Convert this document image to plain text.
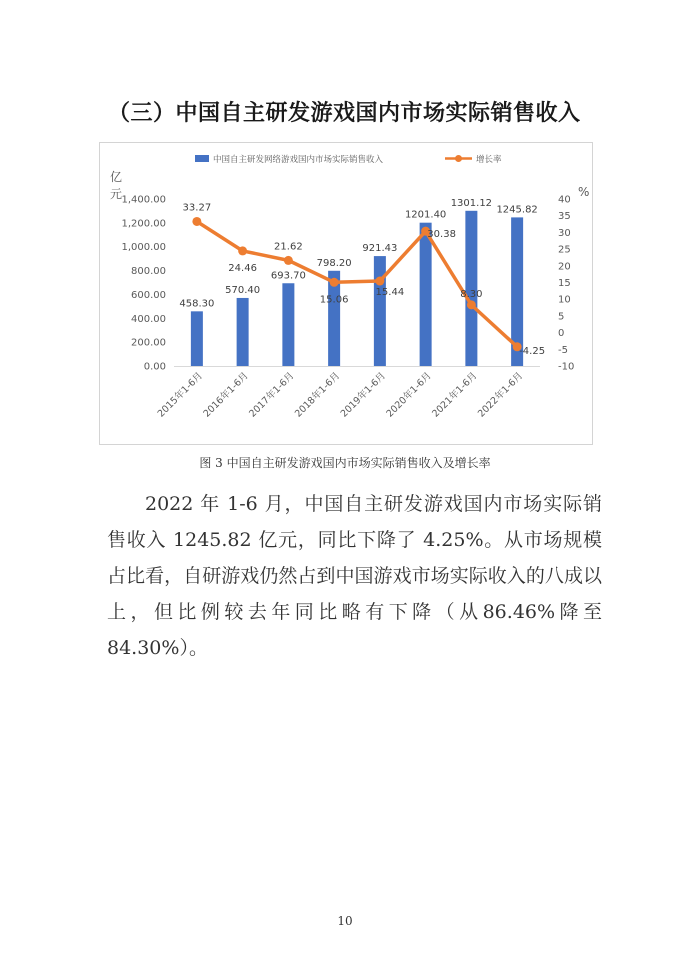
（三）中国自主研发游戏国内市场实际销售收入
中国自主研发网络游戏国内市场实际销售收入	增长率
亿
元	%
0.00
200.00
400.00
600.00
800.00
1,000.00
1,200.00
1,400.00
-10
-5
0
5
10
15
20
25
30
35
40
458.30
570.40
693.70
798.20
921.43
1201.40
1301.12
1245.82
33.27
24.46
21.62
15.06
15.44
30.38
8.30
-4.25
2015年1-6月
2016年1-6月
2017年1-6月
2018年1-6月
2019年1-6月
2020年1-6月
2021年1-6月
2022年1-6月
图 3 中国自主研发游戏国内市场实际销售收入及增长率

2022 年 1-6 月，中国自主研发游戏国内市场实际销售收入 1245.82 亿元，同比下降了 4.25%。从市场规模占比看，自研游戏仍然占到中国游戏市场实际收入的八成以上，但比例较去年同比略有下降（从86.46%降至84.30%）。

10
